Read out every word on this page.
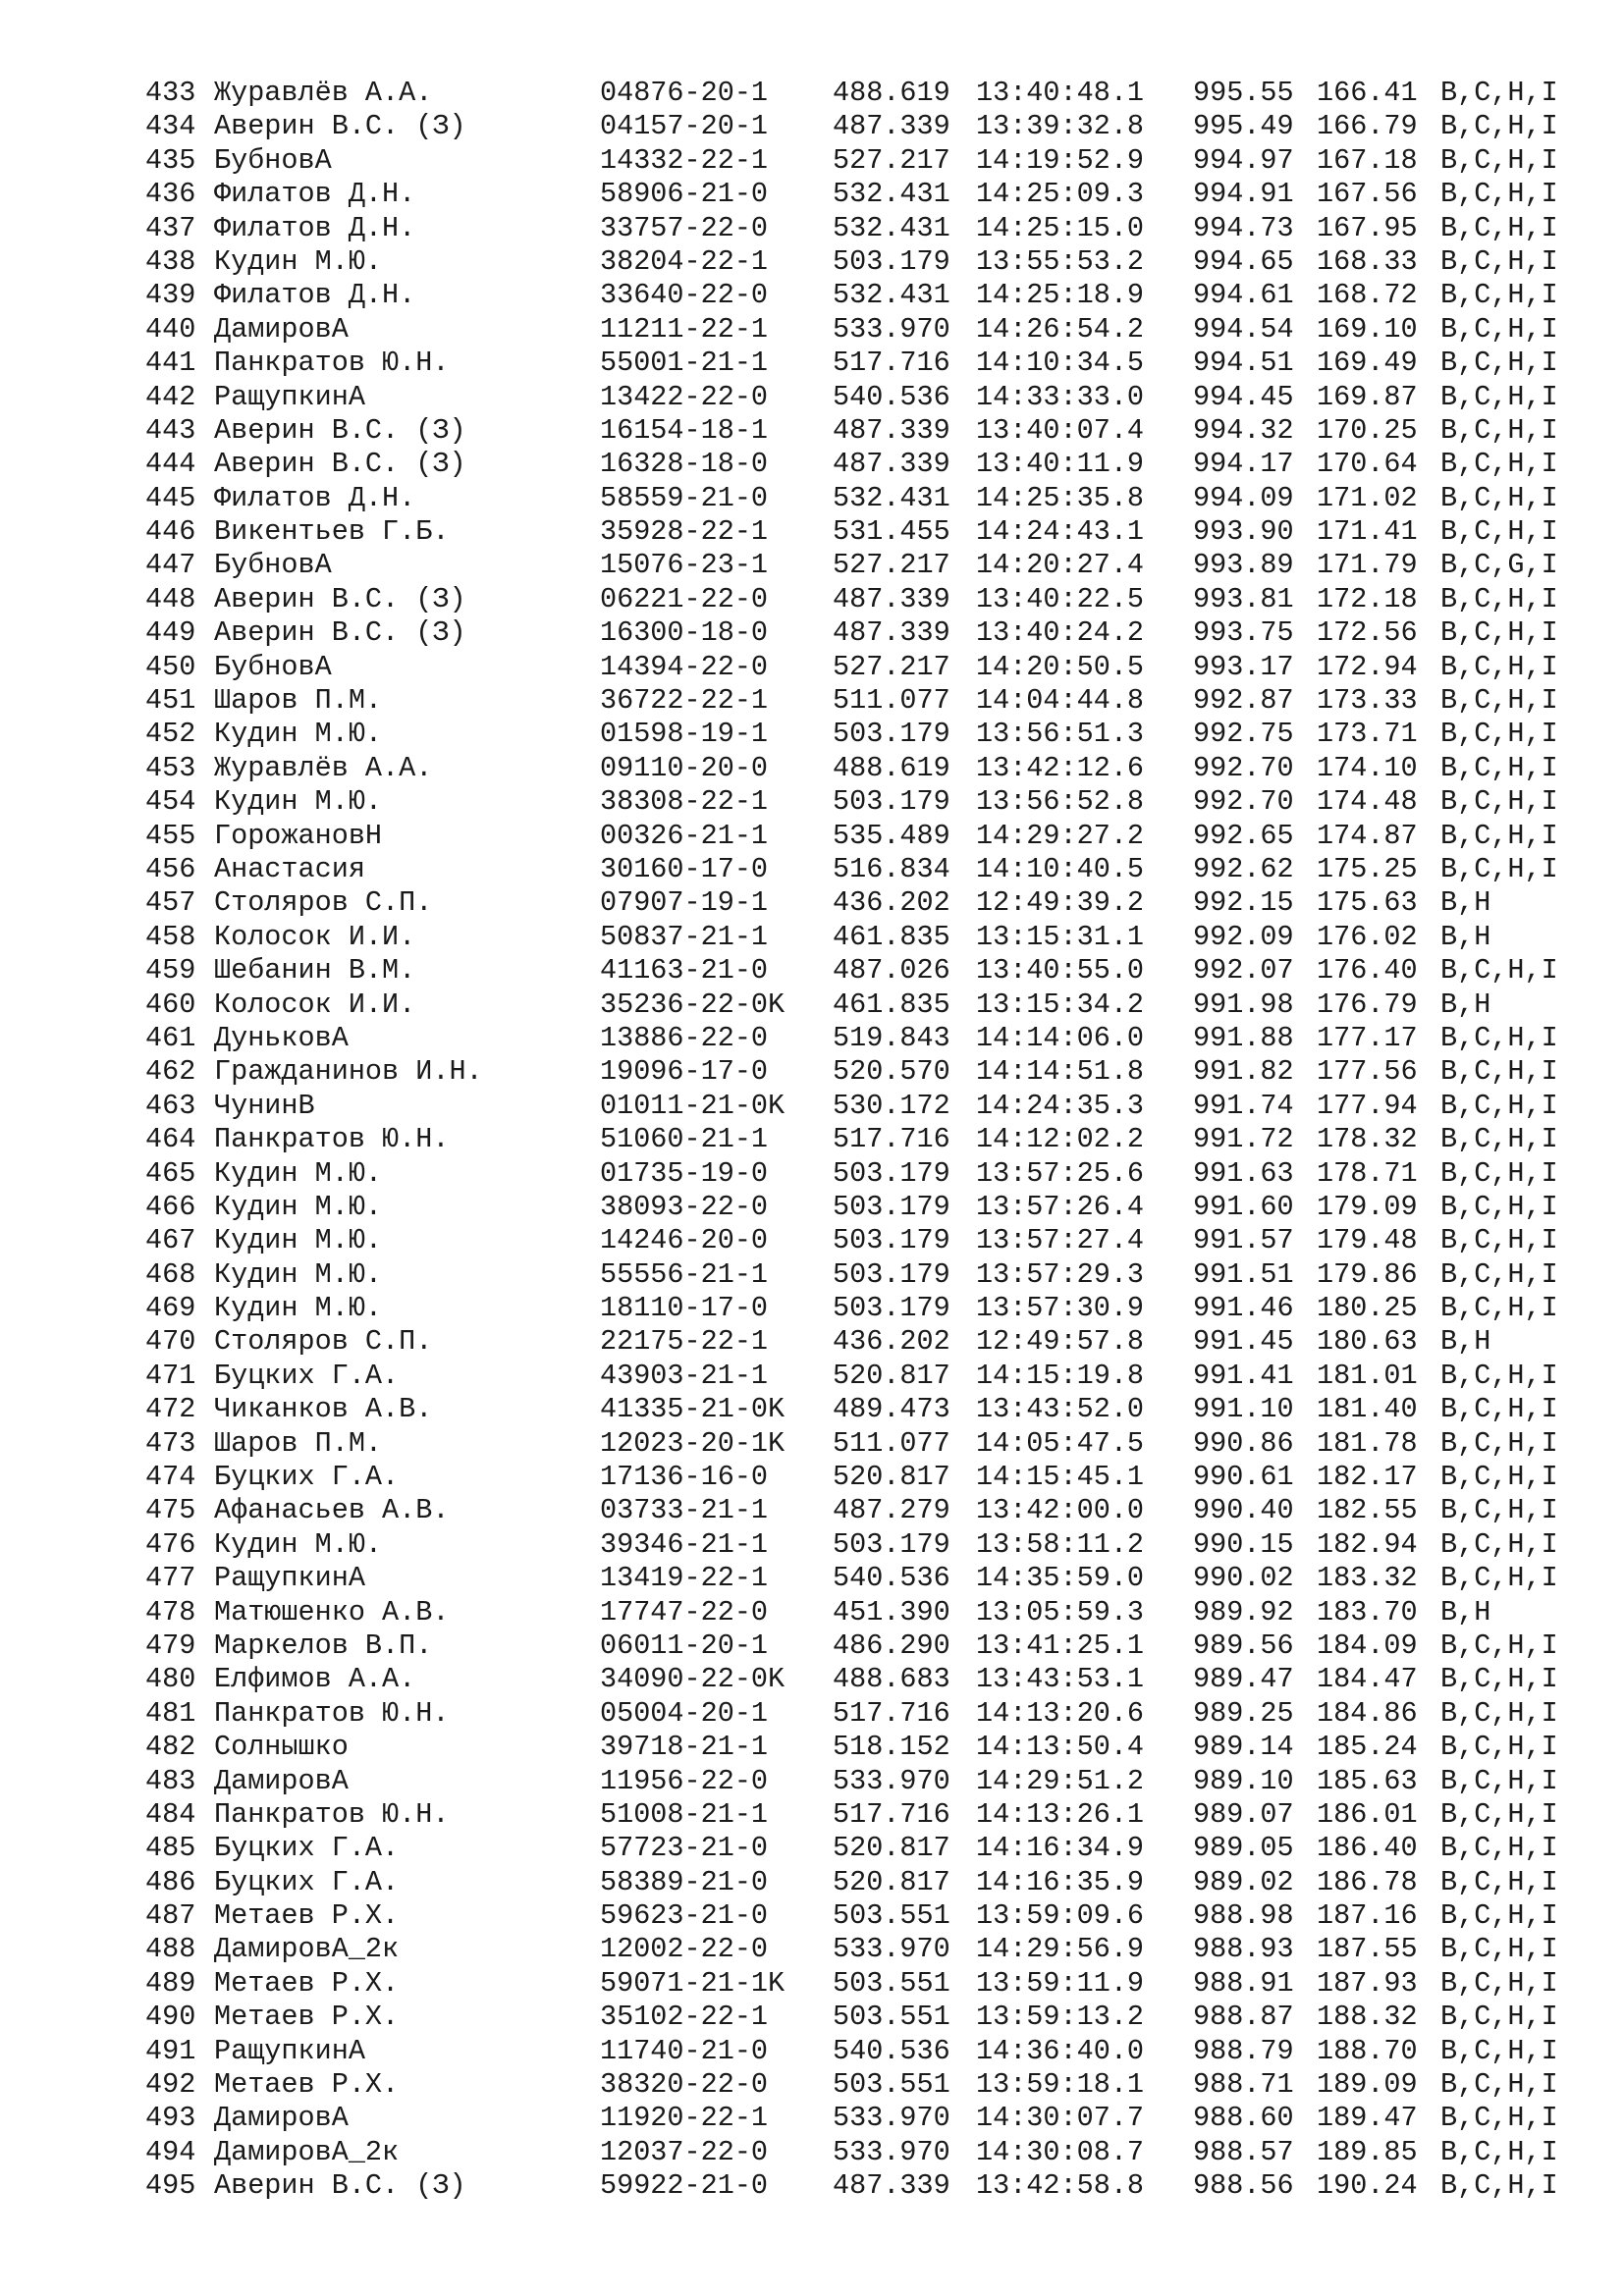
433 Журавлёв А.А.	04876-20-1 488.619 13:40:48.1 995.55 166.41 B,C,H,I
434 Аверин В.С. (З)	04157-20-1 487.339 13:39:32.8 995.49 166.79 B,C,H,I
435 БубновА	14332-22-1 527.217 14:19:52.9 994.97 167.18 B,C,H,I
436 Филатов Д.Н.	58906-21-0 532.431 14:25:09.3 994.91 167.56 B,C,H,I
437 Филатов Д.Н.	33757-22-0 532.431 14:25:15.0 994.73 167.95 B,C,H,I
438 Кудин М.Ю.	38204-22-1 503.179 13:55:53.2 994.65 168.33 B,C,H,I
439 Филатов Д.Н.	33640-22-0 532.431 14:25:18.9 994.61 168.72 B,C,H,I
440 ДамировА	11211-22-1 533.970 14:26:54.2 994.54 169.10 B,C,H,I
441 Панкратов Ю.Н.	55001-21-1 517.716 14:10:34.5 994.51 169.49 B,C,H,I
442 РащупкинА	13422-22-0 540.536 14:33:33.0 994.45 169.87 B,C,H,I
443 Аверин В.С. (З)	16154-18-1 487.339 13:40:07.4 994.32 170.25 B,C,H,I
444 Аверин В.С. (З)	16328-18-0 487.339 13:40:11.9 994.17 170.64 B,C,H,I
445 Филатов Д.Н.	58559-21-0 532.431 14:25:35.8 994.09 171.02 B,C,H,I
446 Викентьев Г.Б.	35928-22-1 531.455 14:24:43.1 993.90 171.41 B,C,H,I
447 БубновА	15076-23-1 527.217 14:20:27.4 993.89 171.79 B,C,G,I
448 Аверин В.С. (З)	06221-22-0 487.339 13:40:22.5 993.81 172.18 B,C,H,I
449 Аверин В.С. (З)	16300-18-0 487.339 13:40:24.2 993.75 172.56 B,C,H,I
450 БубновА	14394-22-0 527.217 14:20:50.5 993.17 172.94 B,C,H,I
451 Шаров П.М.	36722-22-1 511.077 14:04:44.8 992.87 173.33 B,C,H,I
452 Кудин М.Ю.	01598-19-1 503.179 13:56:51.3 992.75 173.71 B,C,H,I
453 Журавлёв А.А.	09110-20-0 488.619 13:42:12.6 992.70 174.10 B,C,H,I
454 Кудин М.Ю.	38308-22-1 503.179 13:56:52.8 992.70 174.48 B,C,H,I
455 ГорожановН	00326-21-1 535.489 14:29:27.2 992.65 174.87 B,C,H,I
456 Анастасия	30160-17-0 516.834 14:10:40.5 992.62 175.25 B,C,H,I
457 Столяров С.П.	07907-19-1 436.202 12:49:39.2 992.15 175.63 B,H
458 Колосок И.И.	50837-21-1 461.835 13:15:31.1 992.09 176.02 B,H
459 Шебанин В.М.	41163-21-0 487.026 13:40:55.0 992.07 176.40 B,C,H,I
460 Колосок И.И.	35236-22-0K 461.835 13:15:34.2 991.98 176.79 B,H
461 ДуньковА	13886-22-0 519.843 14:14:06.0 991.88 177.17 B,C,H,I
462 Гражданинов И.Н.	19096-17-0 520.570 14:14:51.8 991.82 177.56 B,C,H,I
463 ЧунинВ	01011-21-0K 530.172 14:24:35.3 991.74 177.94 B,C,H,I
464 Панкратов Ю.Н.	51060-21-1 517.716 14:12:02.2 991.72 178.32 B,C,H,I
465 Кудин М.Ю.	01735-19-0 503.179 13:57:25.6 991.63 178.71 B,C,H,I
466 Кудин М.Ю.	38093-22-0 503.179 13:57:26.4 991.60 179.09 B,C,H,I
467 Кудин М.Ю.	14246-20-0 503.179 13:57:27.4 991.57 179.48 B,C,H,I
468 Кудин М.Ю.	55556-21-1 503.179 13:57:29.3 991.51 179.86 B,C,H,I
469 Кудин М.Ю.	18110-17-0 503.179 13:57:30.9 991.46 180.25 B,C,H,I
470 Столяров С.П.	22175-22-1 436.202 12:49:57.8 991.45 180.63 B,H
471 Буцких Г.А.	43903-21-1 520.817 14:15:19.8 991.41 181.01 B,C,H,I
472 Чиканков А.В.	41335-21-0K 489.473 13:43:52.0 991.10 181.40 B,C,H,I
473 Шаров П.М.	12023-20-1K 511.077 14:05:47.5 990.86 181.78 B,C,H,I
474 Буцких Г.А.	17136-16-0 520.817 14:15:45.1 990.61 182.17 B,C,H,I
475 Афанасьев А.В.	03733-21-1 487.279 13:42:00.0 990.40 182.55 B,C,H,I
476 Кудин М.Ю.	39346-21-1 503.179 13:58:11.2 990.15 182.94 B,C,H,I
477 РащупкинА	13419-22-1 540.536 14:35:59.0 990.02 183.32 B,C,H,I
478 Матюшенко А.В.	17747-22-0 451.390 13:05:59.3 989.92 183.70 B,H
479 Маркелов В.П.	06011-20-1 486.290 13:41:25.1 989.56 184.09 B,C,H,I
480 Елфимов А.А.	34090-22-0K 488.683 13:43:53.1 989.47 184.47 B,C,H,I
481 Панкратов Ю.Н.	05004-20-1 517.716 14:13:20.6 989.25 184.86 B,C,H,I
482 Солнышко	39718-21-1 518.152 14:13:50.4 989.14 185.24 B,C,H,I
483 ДамировА	11956-22-0 533.970 14:29:51.2 989.10 185.63 B,C,H,I
484 Панкратов Ю.Н.	51008-21-1 517.716 14:13:26.1 989.07 186.01 B,C,H,I
485 Буцких Г.А.	57723-21-0 520.817 14:16:34.9 989.05 186.40 B,C,H,I
486 Буцких Г.А.	58389-21-0 520.817 14:16:35.9 989.02 186.78 B,C,H,I
487 Метаев Р.Х.	59623-21-0 503.551 13:59:09.6 988.98 187.16 B,C,H,I
488 ДамировА_2к	12002-22-0 533.970 14:29:56.9 988.93 187.55 B,C,H,I
489 Метаев Р.Х.	59071-21-1K 503.551 13:59:11.9 988.91 187.93 B,C,H,I
490 Метаев Р.Х.	35102-22-1 503.551 13:59:13.2 988.87 188.32 B,C,H,I
491 РащупкинА	11740-21-0 540.536 14:36:40.0 988.79 188.70 B,C,H,I
492 Метаев Р.Х.	38320-22-0 503.551 13:59:18.1 988.71 189.09 B,C,H,I
493 ДамировА	11920-22-1 533.970 14:30:07.7 988.60 189.47 B,C,H,I
494 ДамировА_2к	12037-22-0 533.970 14:30:08.7 988.57 189.85 B,C,H,I
495 Аверин В.С. (З)	59922-21-0 487.339 13:42:58.8 988.56 190.24 B,C,H,I
